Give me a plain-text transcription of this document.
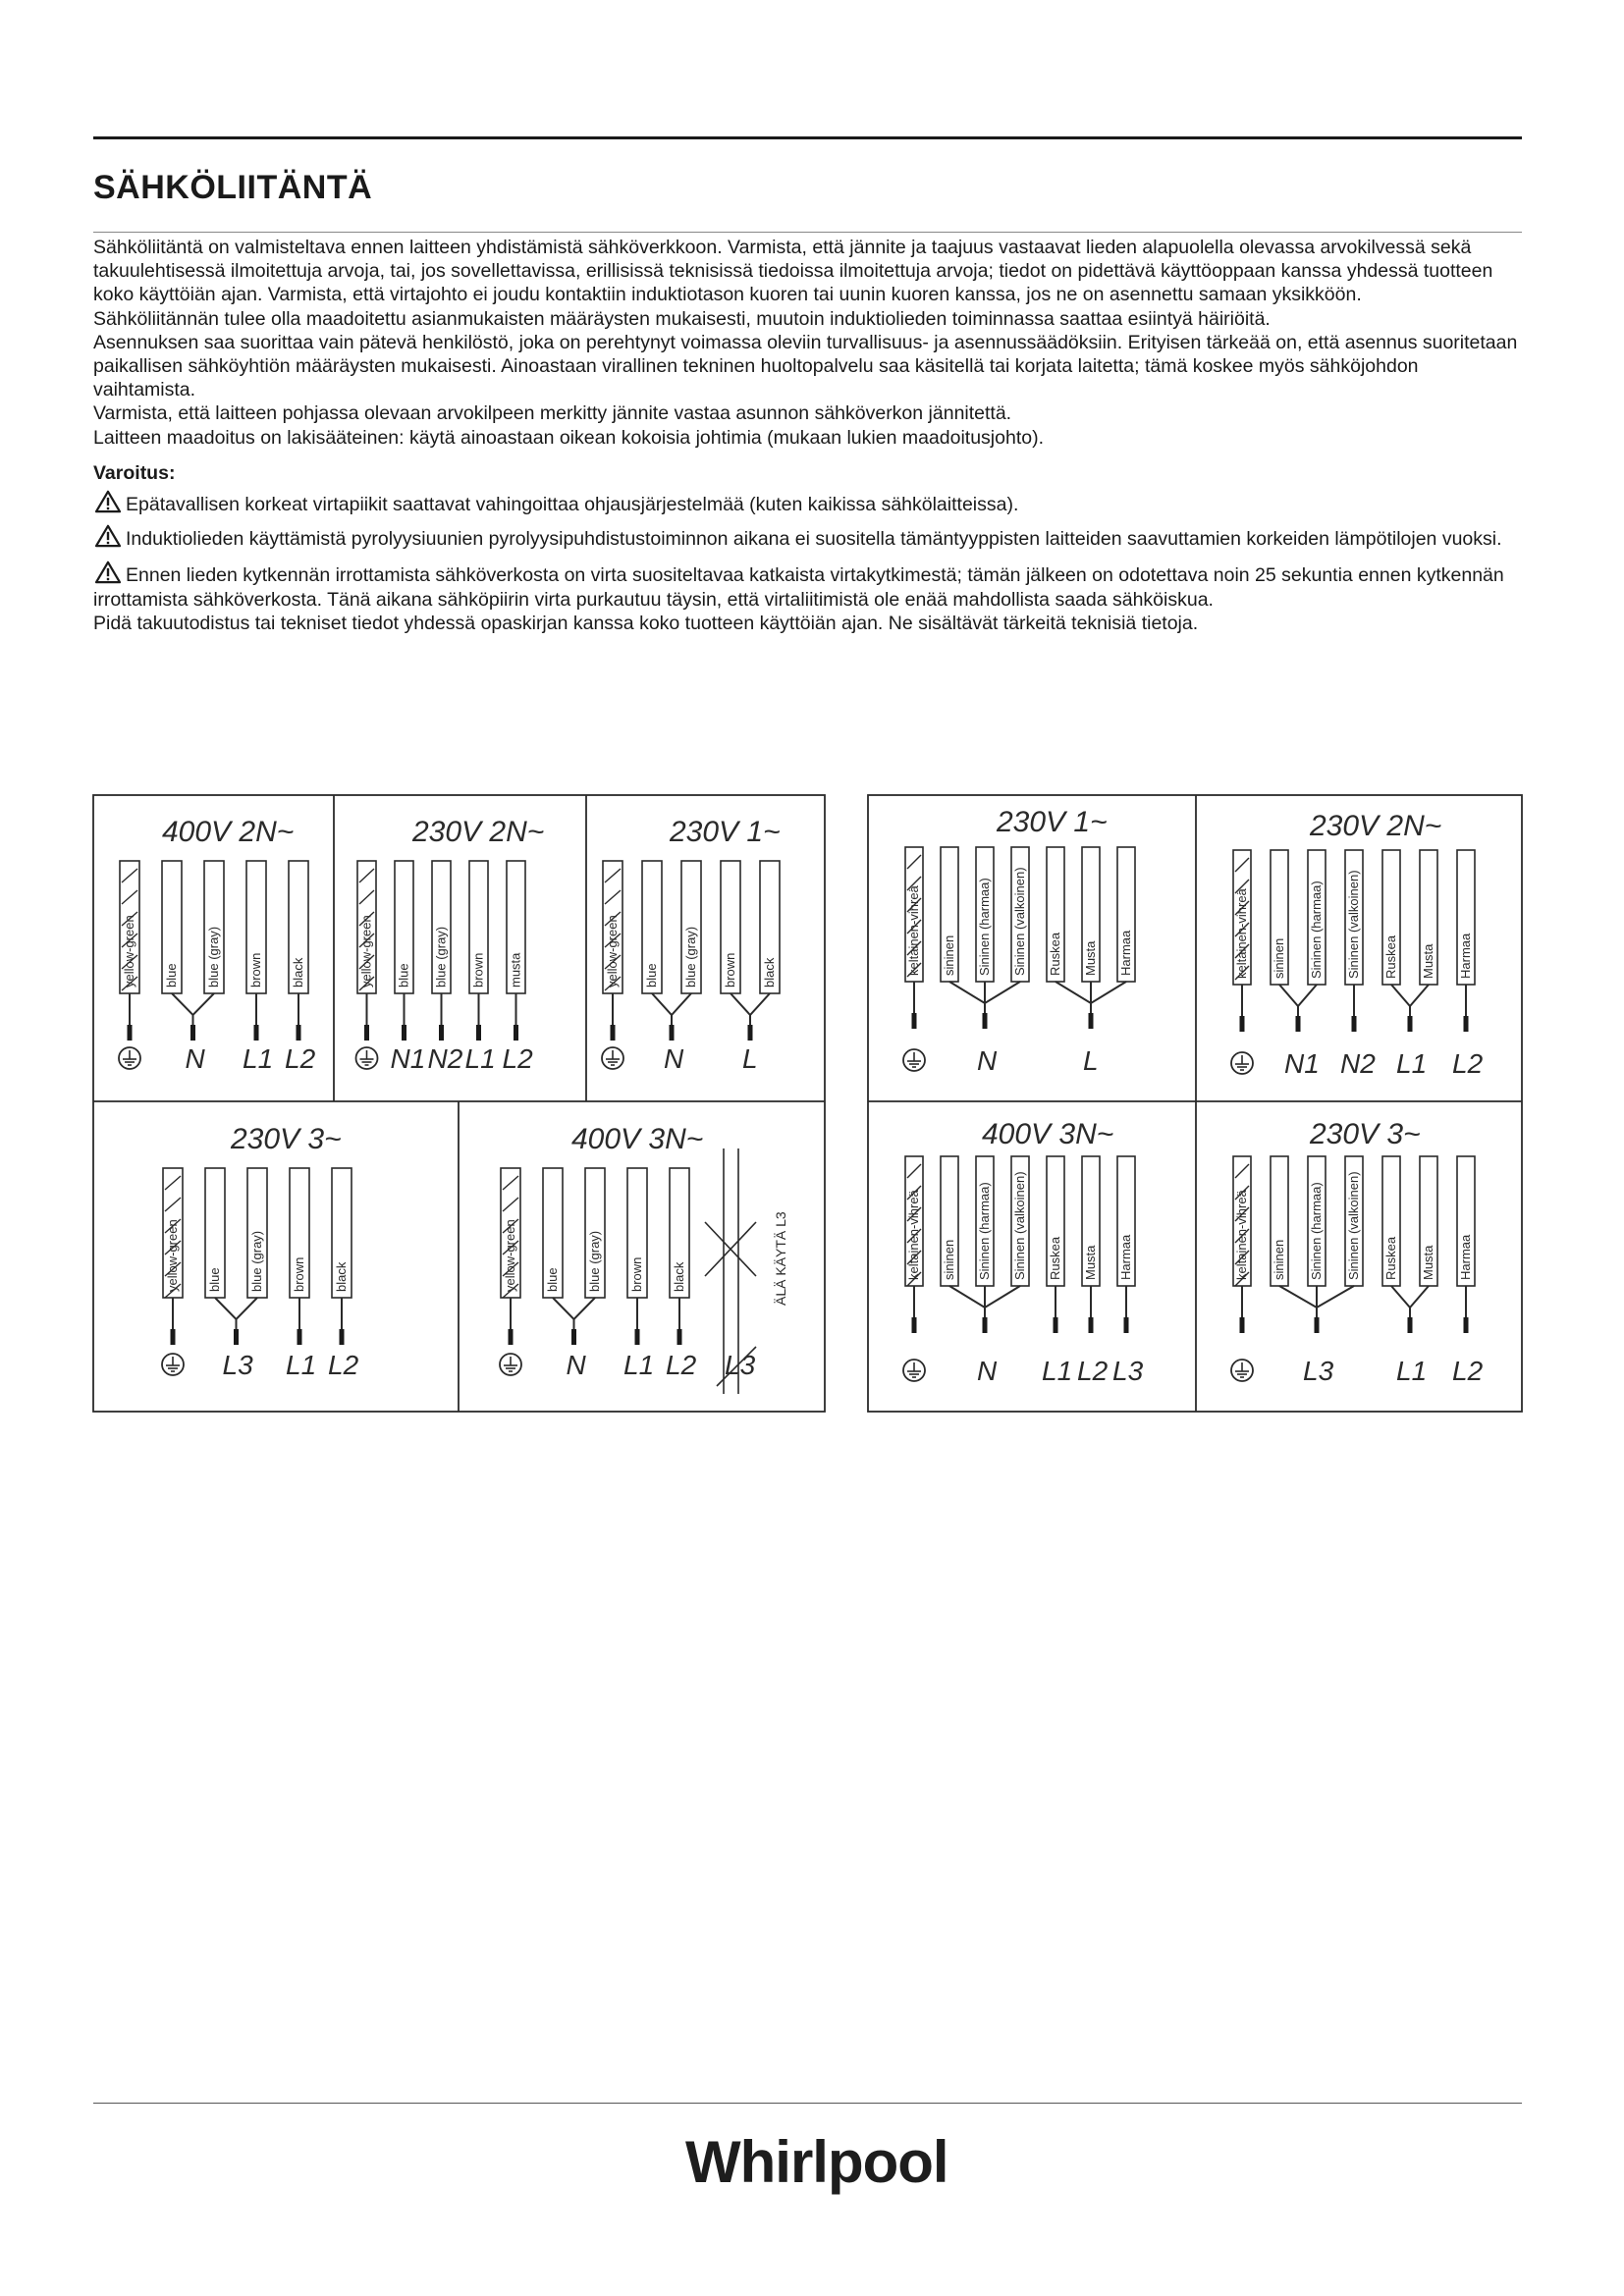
SÄHKÖLIITÄNTÄ

Sähköliitäntä on valmisteltava ennen laitteen yhdistämistä sähköverkkoon. Varmista, että jännite ja taajuus vastaavat lieden alapuolella olevassa arvokilvessä sekä takuulehtisessä ilmoitettuja arvoja, tai, jos sovellettavissa, erillisissä teknisissä tiedoissa ilmoitettuja arvoja; tiedot on pidettävä käyttöoppaan kanssa yhdessä tuotteen koko käyttöiän ajan. Varmista, että virtajohto ei joudu kontaktiin induktiotason kuoren tai uunin kuoren kanssa, jos ne on asennettu samaan yksikköön.

Sähköliitännän tulee olla maadoitettu asianmukaisten määräysten mukaisesti, muutoin induktiolieden toiminnassa saattaa esiintyä häiriöitä.

Asennuksen saa suorittaa vain pätevä henkilöstö, joka on perehtynyt voimassa oleviin turvallisuus- ja asennussäädöksiin. Erityisen tärkeää on, että asennus suoritetaan paikallisen sähköyhtiön määräysten mukaisesti. Ainoastaan virallinen tekninen huoltopalvelu saa käsitellä tai korjata laitetta; tämä koskee myös sähköjohdon vaihtamista.

Varmista, että laitteen pohjassa olevaan arvokilpeen merkitty jännite vastaa asunnon sähköverkon jännitettä.

Laitteen maadoitus on lakisääteinen: käytä ainoastaan oikean kokoisia johtimia (mukaan lukien maadoitusjohto).

Varoitus:

Epätavallisen korkeat virtapiikit saattavat vahingoittaa ohjausjärjestelmää (kuten kaikissa sähkölaitteissa).

Induktiolieden käyttämistä pyrolyysiuunien pyrolyysipuhdistustoiminnon aikana ei suositella tämäntyyppisten laitteiden saavuttamien korkeiden lämpötilojen vuoksi.

Ennen lieden kytkennän irrottamista sähköverkosta on virta suositeltavaa katkaista virtakytkimestä; tämän jälkeen on odotettava noin 25 sekuntia ennen kytkennän irrottamista sähköverkosta. Tänä aikana sähköpiirin virta purkautuu täysin, että virtaliitimistä ole enää mahdollista saada sähköiskua.

Pidä takuutodistus tai tekniset tiedot yhdessä opaskirjan kanssa koko tuotteen käyttöiän ajan. Ne sisältävät tärkeitä teknisiä tietoja.

400V 2N~
yellow-green blue blue (gray) brown black
N L1 L2
230V 2N~
yellow-green blue blue (gray) brown musta
N1 N2 L1 L2
230V 1~
yellow-green blue blue (gray) brown black
N L
230V 3~
yellow-green blue blue (gray) brown black
L3 L1 L2
400V 3N~
yellow-green blue blue (gray) brown black
N L1 L2 L3
ÄLÄ KÄYTÄ L3
230V 1~
keltainen-vihreä sininen Sininen (harmaa) Sininen (valkoinen) Ruskea Musta Harmaa
N	L
230V 2N~
keltainen-vihreä sininen Sininen (harmaa) Sininen (valkoinen) Ruskea Musta Harmaa
N1 N2 L1 L2
400V 3N~
keltainen-vihreä sininen Sininen (harmaa) Sininen (valkoinen) Ruskea Musta Harmaa
N L1 L2 L3
230V 3~
keltainen-vihreä sininen Sininen (harmaa) Sininen (valkoinen) Ruskea Musta Harmaa
L3 L1 L2
Whirlpool
